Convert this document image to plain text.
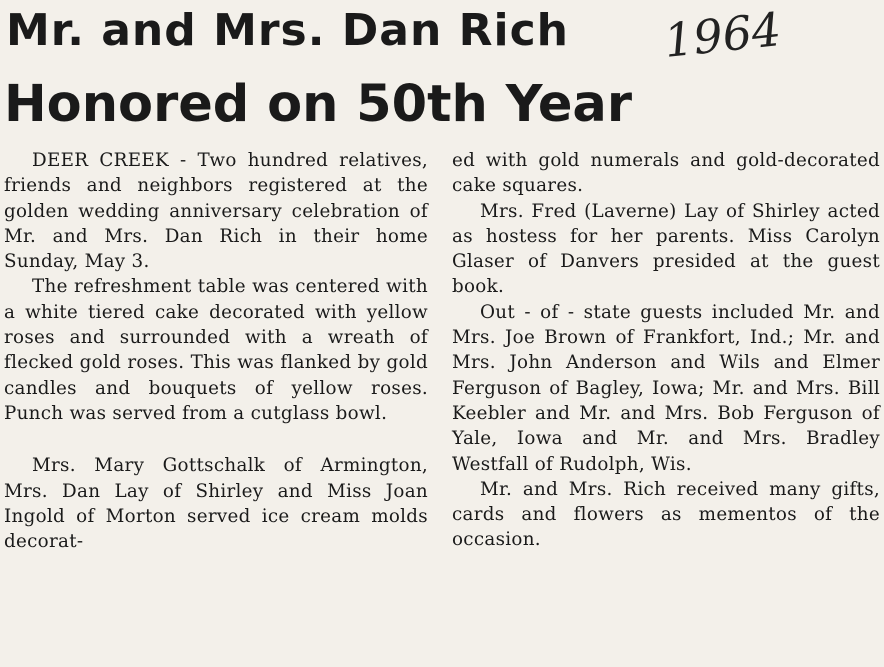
Mr. and Mrs. Dan Rich 1964
Honored on 50th Year

DEER CREEK - Two hundred relatives, friends and neighbors registered at the golden wedding anniversary celebration of Mr. and Mrs. Dan Rich in their home Sunday, May 3.

The refreshment table was centered with a white tiered cake decorated with yellow roses and surrounded with a wreath of flecked gold roses. This was flanked by gold candles and bouquets of yellow roses. Punch was served from a cutglass bowl.

Mrs. Mary Gottschalk of Armington, Mrs. Dan Lay of Shirley and Miss Joan Ingold of Morton served ice cream molds decorat-

ed with gold numerals and gold-decorated cake squares.

Mrs. Fred (Laverne) Lay of Shirley acted as hostess for her parents. Miss Carolyn Glaser of Danvers presided at the guest book.

Out - of - state guests included Mr. and Mrs. Joe Brown of Frankfort, Ind.; Mr. and Mrs. John Anderson and Wils and Elmer Ferguson of Bagley, Iowa; Mr. and Mrs. Bill Keebler and Mr. and Mrs. Bob Ferguson of Yale, Iowa and Mr. and Mrs. Bradley Westfall of Rudolph, Wis.

Mr. and Mrs. Rich received many gifts, cards and flowers as mementos of the occasion.
